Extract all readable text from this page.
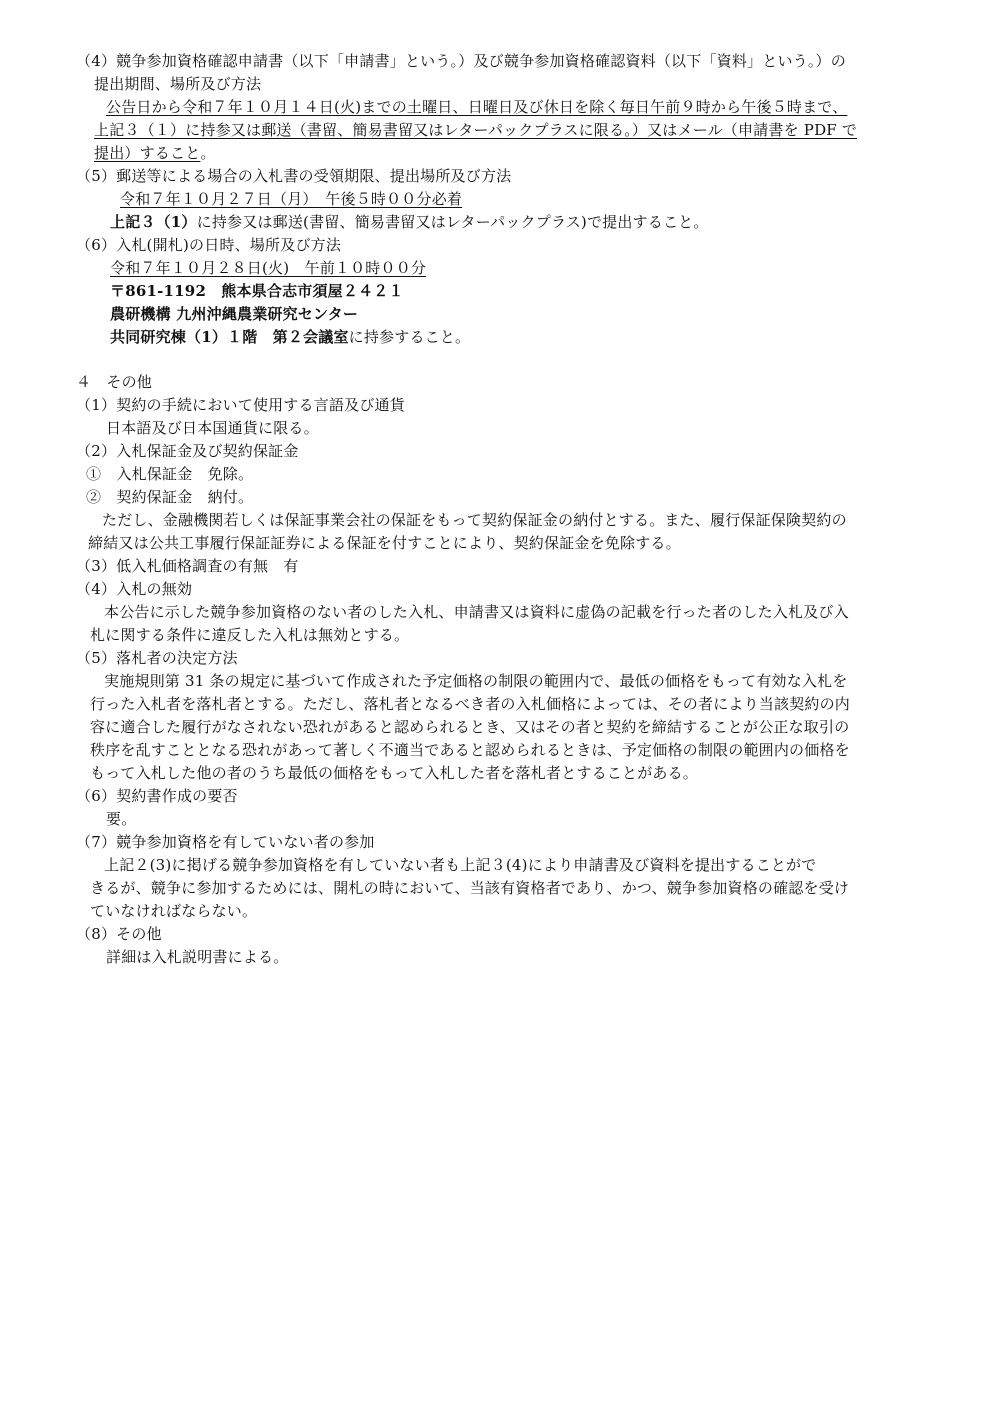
（4）競争参加資格確認申請書（以下「申請書」という。）及び競争参加資格確認資料（以下「資料」という。）の
提出期間、場所及び方法
公告日から令和７年１０月１４日(火)までの土曜日、日曜日及び休日を除く毎日午前９時から午後５時まで、
上記３（１）に持参又は郵送（書留、簡易書留又はレターパックプラスに限る。）又はメール（申請書を PDF で
提出）すること。
（5）郵送等による場合の入札書の受領期限、提出場所及び方法
令和７年１０月２７日（月）　午後５時００分必着
上記３（1）に持参又は郵送(書留、簡易書留又はレターパックプラス)で提出すること。
（6）入札(開札)の日時、場所及び方法
令和７年１０月２８日(火)　午前１０時００分
〒861-1192　熊本県合志市須屋２４２１
農研機構 九州沖縄農業研究センター
共同研究棟（1）１階　第２会議室に持参すること。
４　その他
（1）契約の手続において使用する言語及び通貨
日本語及び日本国通貨に限る。
（2）入札保証金及び契約保証金
①　入札保証金　免除。
②　契約保証金　納付。
ただし、金融機関若しくは保証事業会社の保証をもって契約保証金の納付とする。また、履行保証保険契約の
締結又は公共工事履行保証証券による保証を付すことにより、契約保証金を免除する。
（3）低入札価格調査の有無　有
（4）入札の無効
本公告に示した競争参加資格のない者のした入札、申請書又は資料に虚偽の記載を行った者のした入札及び入
札に関する条件に違反した入札は無効とする。
（5）落札者の決定方法
実施規則第 31 条の規定に基づいて作成された予定価格の制限の範囲内で、最低の価格をもって有効な入札を
行った入札者を落札者とする。ただし、落札者となるべき者の入札価格によっては、その者により当該契約の内
容に適合した履行がなされない恐れがあると認められるとき、又はその者と契約を締結することが公正な取引の
秩序を乱すこととなる恐れがあって著しく不適当であると認められるときは、予定価格の制限の範囲内の価格を
もって入札した他の者のうち最低の価格をもって入札した者を落札者とすることがある。
（6）契約書作成の要否
要。
（7）競争参加資格を有していない者の参加
上記２(3)に掲げる競争参加資格を有していない者も上記３(4)により申請書及び資料を提出することがで
きるが、競争に参加するためには、開札の時において、当該有資格者であり、かつ、競争参加資格の確認を受け
ていなければならない。
（8）その他
詳細は入札説明書による。
